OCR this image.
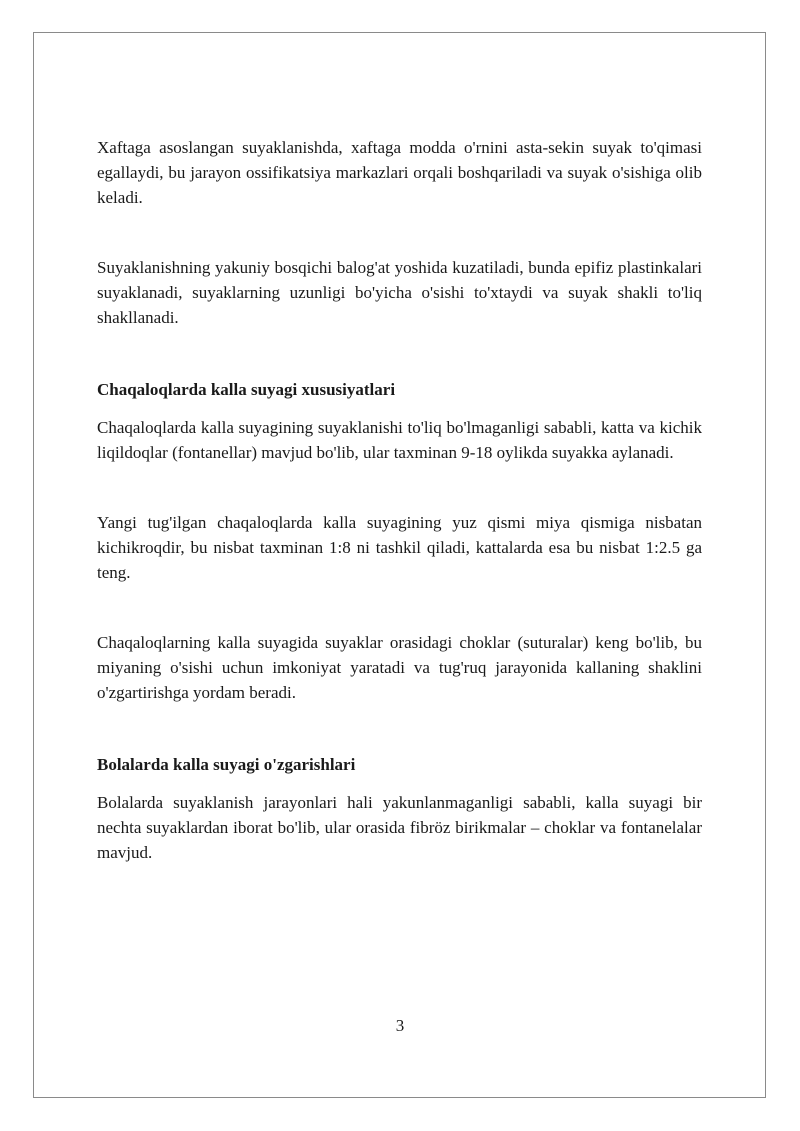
Xaftaga asoslangan suyaklanishda, xaftaga modda o'rnini asta-sekin suyak to'qimasi egallaydi, bu jarayon ossifikatsiya markazlari orqali boshqariladi va suyak o'sishiga olib keladi.

Suyaklanishning yakuniy bosqichi balog'at yoshida kuzatiladi, bunda epifiz plastinkalari suyaklanadi, suyaklarning uzunligi bo'yicha o'sishi to'xtaydi va suyak shakli to'liq shakllanadi.

Chaqaloqlarda kalla suyagi xususiyatlari

Chaqaloqlarda kalla suyagining suyaklanishi to'liq bo'lmaganligi sababli, katta va kichik liqildoqlar (fontanellar) mavjud bo'lib, ular taxminan 9-18 oylikda suyakka aylanadi.

Yangi tug'ilgan chaqaloqlarda kalla suyagining yuz qismi miya qismiga nisbatan kichikroqdir, bu nisbat taxminan 1:8 ni tashkil qiladi, kattalarda esa bu nisbat 1:2.5 ga teng.

Chaqaloqlarning kalla suyagida suyaklar orasidagi choklar (suturalar) keng bo'lib, bu miyaning o'sishi uchun imkoniyat yaratadi va tug'ruq jarayonida kallaning shaklini o'zgartirishga yordam beradi.

Bolalarda kalla suyagi o'zgarishlari

Bolalarda suyaklanish jarayonlari hali yakunlanmaganligi sababli, kalla suyagi bir nechta suyaklardan iborat bo'lib, ular orasida fibröz birikmalar – choklar va fontanelalar mavjud.

3
